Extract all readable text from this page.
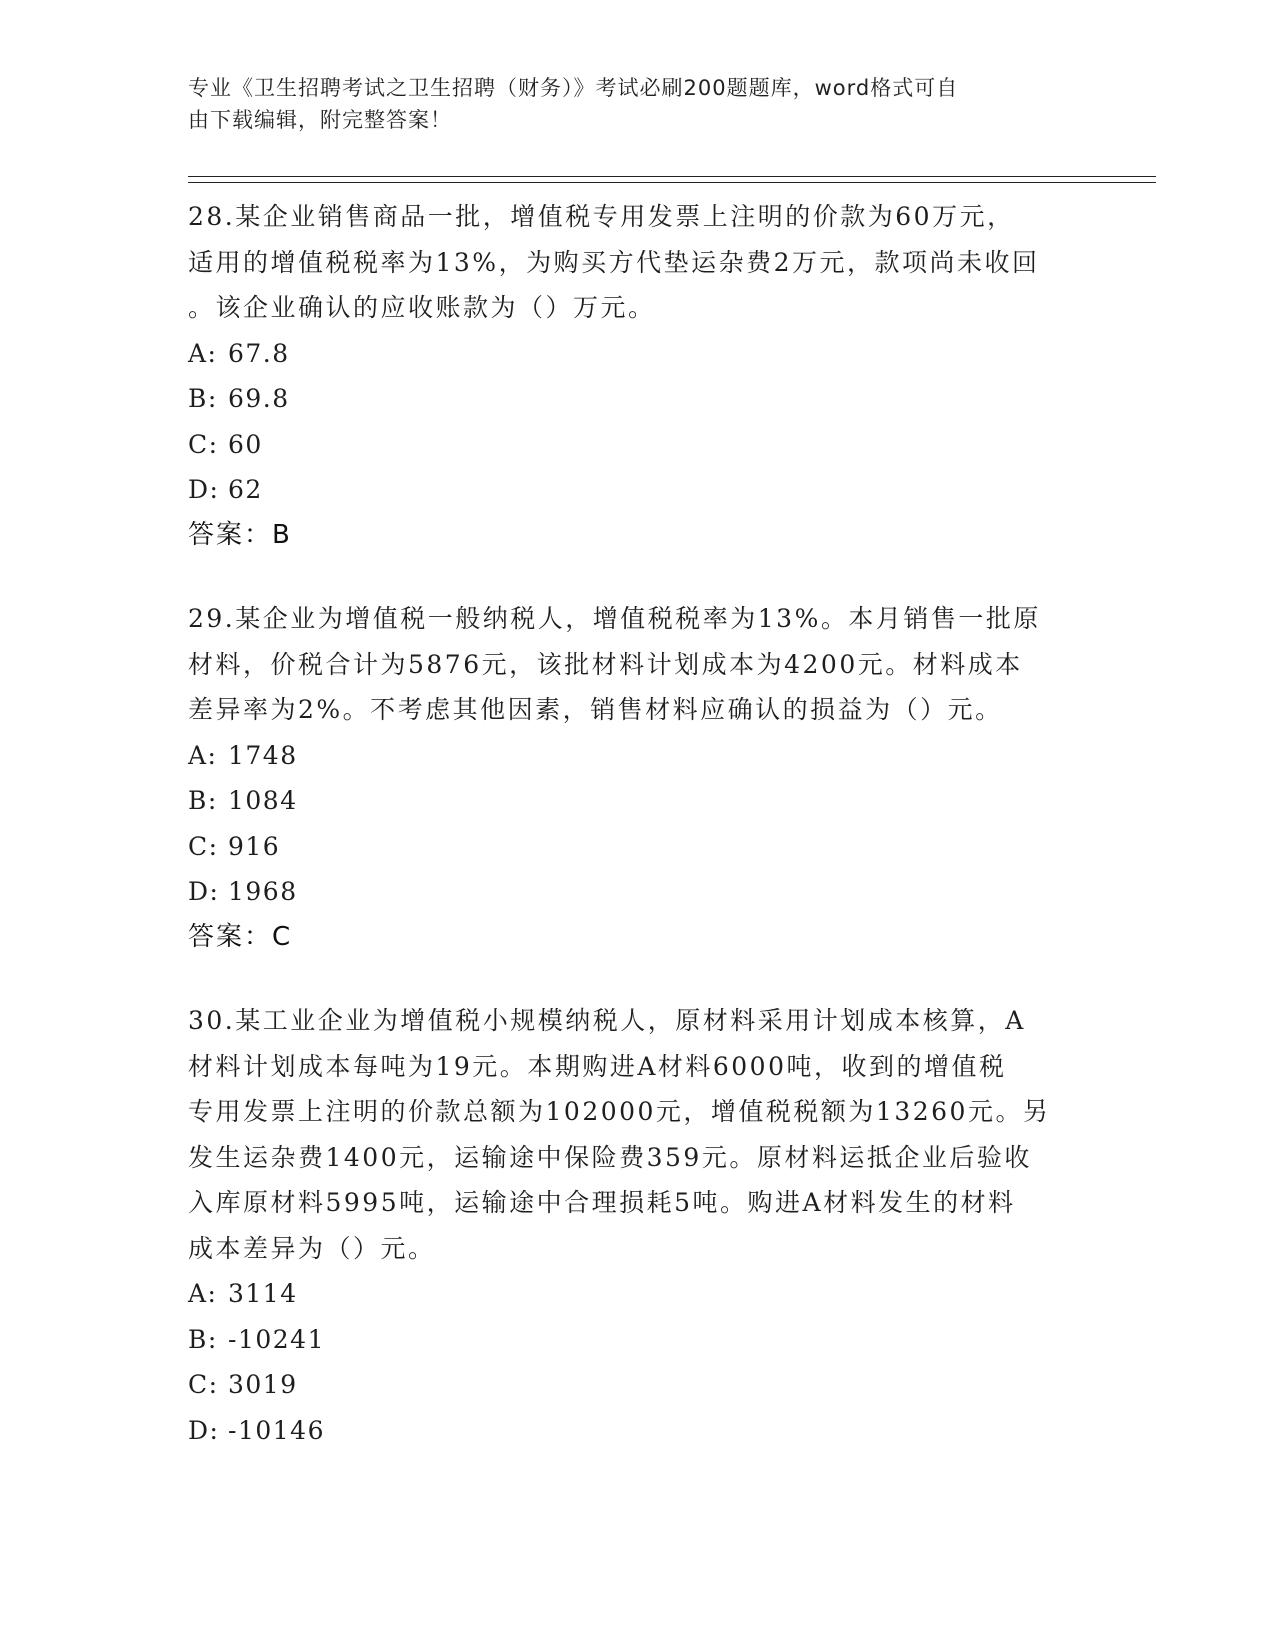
专业《卫生招聘考试之卫生招聘（财务）》考试必刷200题题库，word格式可自
由下载编辑，附完整答案！
28.某企业销售商品一批，增值税专用发票上注明的价款为60万元，
适用的增值税税率为13%，为购买方代垫运杂费2万元，款项尚未收回
。该企业确认的应收账款为（）万元。
A: 67.8
B: 69.8
C: 60
D: 62
答案：B
29.某企业为增值税一般纳税人，增值税税率为13%。本月销售一批原
材料，价税合计为5876元，该批材料计划成本为4200元。材料成本
差异率为2%。不考虑其他因素，销售材料应确认的损益为（）元。
A: 1748
B: 1084
C: 916
D: 1968
答案：C
30.某工业企业为增值税小规模纳税人，原材料采用计划成本核算，A
材料计划成本每吨为19元。本期购进A材料6000吨，收到的增值税
专用发票上注明的价款总额为102000元，增值税税额为13260元。另
发生运杂费1400元，运输途中保险费359元。原材料运抵企业后验收
入库原材料5995吨，运输途中合理损耗5吨。购进A材料发生的材料
成本差异为（）元。
A: 3114
B: -10241
C: 3019
D: -10146
